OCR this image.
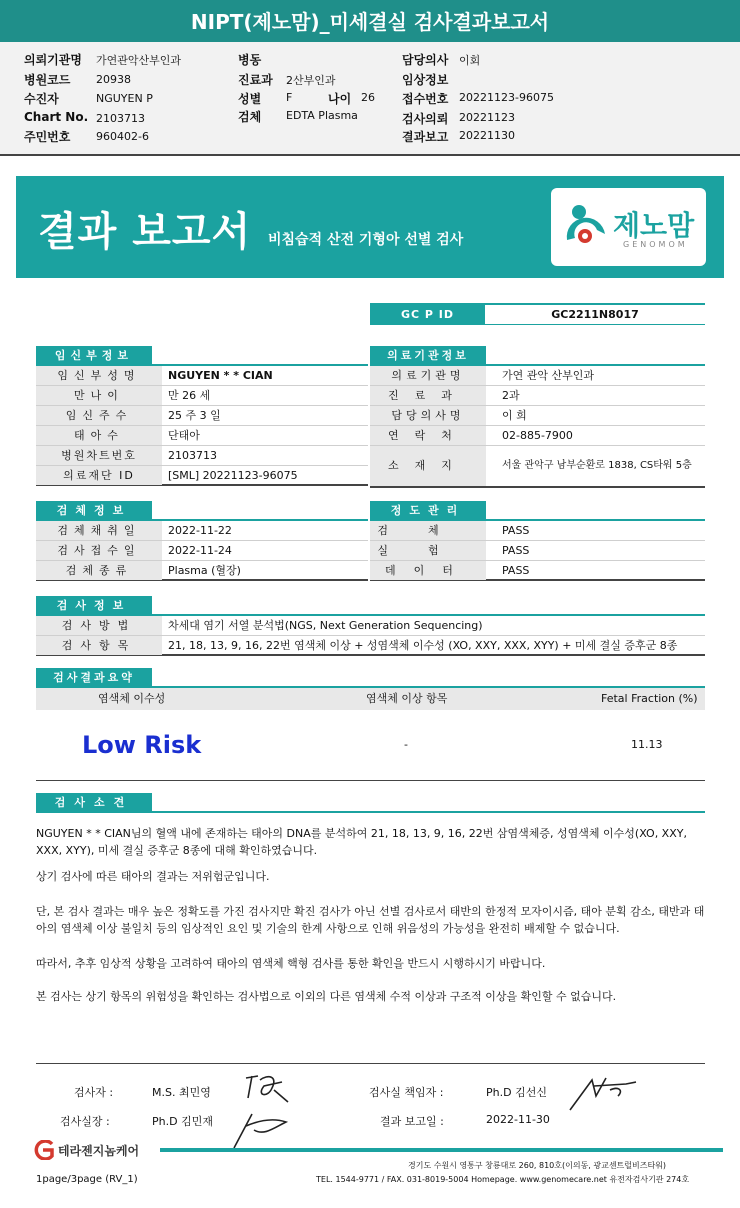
NIPT(제노맘)_미세결실 검사결과보고서
의뢰기관명 가연관악산부인과
병원코드 20938
수진자	NGUYEN P
Chart No. 2103713
주민번호 960402-6
병동
진료과 2산부인과
성별 F	나이 26
검체 EDTA Plasma
담당의사 이회
임상정보
접수번호 20221123-96075
검사의뢰 20221123
결과보고 20221130
결과 보고서 비침습적 산전 기형아 선별 검사	제노맘
GENOMOM
GC P ID	GC2211N8017
임신부정보
임신부성명	NGUYEN * * CIAN
만나이	만 26 세
임신주수	25 주 3 일
태아수	단태아
병원차트번호	2103713
의료재단 ID	[SML] 20221123-96075
의료기관정보
의료기관명	가연 관악 산부인과
진료과	2과
담당의사명	이 희
연락처	02-885-7900
소재지	서울 관악구 남부순환로 1838, CS타워 5층
검체정보
검체채취일	2022-11-22
검사접수일	2022-11-24
검체종류	Plasma (혈장)
정도관리
검체	PASS
실험	PASS
데이터	PASS
검사정보
검사방법	차세대 염기 서열 분석법(NGS, Next Generation Sequencing)
검사항목	21, 18, 13, 9, 16, 22번 염색체 이상 + 성염색체 이수성 (XO, XXY, XXX, XYY) + 미세 결실 증후군 8종
검사결과요약
염색체 이수성	염색체 이상 항목	Fetal Fraction (%)
Low Risk	-	11.13
검사소견
NGUYEN * * CIAN님의 혈액 내에 존재하는 태아의 DNA를 분석하여 21, 18, 13, 9, 16, 22번 삼염색체증, 성염색체 이수성(XO, XXY, XXX, XYY), 미세 결실 증후군 8종에 대해 확인하였습니다.
상기 검사에 따른 태아의 결과는 저위험군입니다.
단, 본 검사 결과는 매우 높은 정확도를 가진 검사지만 확진 검사가 아닌 선별 검사로서 태반의 한정적 모자이시즘, 태아 분획 감소, 태반과 태아의 염색체 이상 불일치 등의 임상적인 요인 및 기술의 한계 사항으로 인해 위음성의 가능성을 완전히 배제할 수 없습니다.
따라서, 추후 임상적 상황을 고려하여 태아의 염색체 핵형 검사를 통한 확인을 반드시 시행하시기 바랍니다.
본 검사는 상기 항목의 위험성을 확인하는 검사법으로 이외의 다른 염색체 수적 이상과 구조적 이상을 확인할 수 없습니다.
검사자 :	M.S. 최민영	검사실 책임자 :	Ph.D 김선신
검사실장 :	Ph.D 김민재	결과 보고일 :	2022-11-30
테라젠지놈케어
경기도 수원시 영통구 창룡대로 260, 810호(이의동, 광교센트럴비즈타워)
TEL. 1544-9771 / FAX. 031-8019-5004 Homepage. www.genomecare.net 유전자검사기관 274호
1page/3page (RV_1)
